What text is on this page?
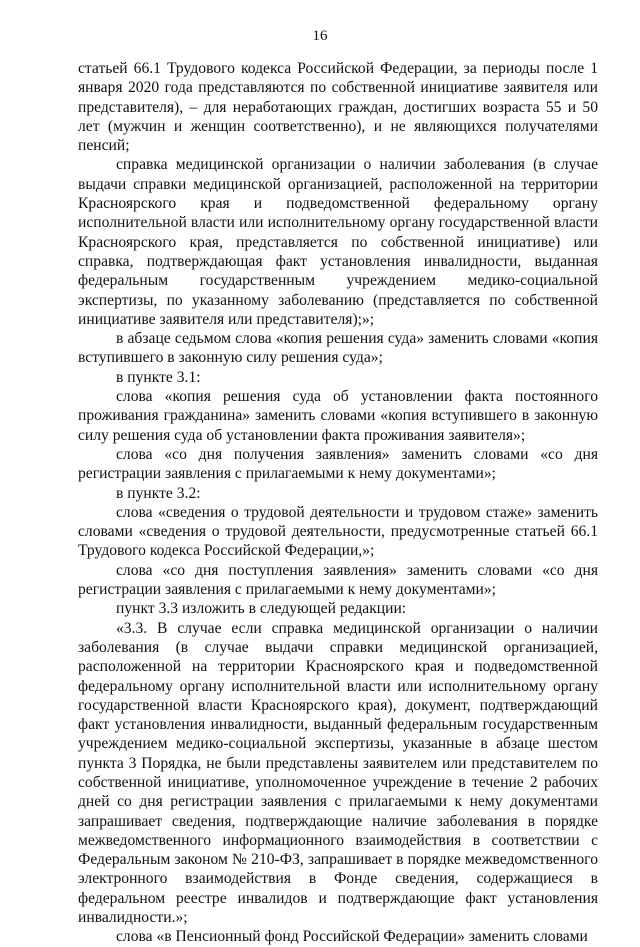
16

статьей 66.1 Трудового кодекса Российской Федерации, за периоды после 1 января 2020 года представляются по собственной инициативе заявителя или представителя), – для неработающих граждан, достигших возраста 55 и 50 лет (мужчин и женщин соответственно), и не являющихся получателями пенсий;

справка медицинской организации о наличии заболевания (в случае выдачи справки медицинской организацией, расположенной на территории Красноярского края и подведомственной федеральному органу исполнительной власти или исполнительному органу государственной власти Красноярского края, представляется по собственной инициативе) или справка, подтверждающая факт установления инвалидности, выданная федеральным государственным учреждением медико-социальной экспертизы, по указанному заболеванию (представляется по собственной инициативе заявителя или представителя);»;

в абзаце седьмом слова «копия решения суда» заменить словами «копия вступившего в законную силу решения суда»;

в пункте 3.1:

слова «копия решения суда об установлении факта постоянного проживания гражданина» заменить словами «копия вступившего в законную силу решения суда об установлении факта проживания заявителя»;

слова «со дня получения заявления» заменить словами «со дня регистрации заявления с прилагаемыми к нему документами»;

в пункте 3.2:

слова «сведения о трудовой деятельности и трудовом стаже» заменить словами «сведения о трудовой деятельности, предусмотренные статьей 66.1 Трудового кодекса Российской Федерации,»;

слова «со дня поступления заявления» заменить словами «со дня регистрации заявления с прилагаемыми к нему документами»;

пункт 3.3 изложить в следующей редакции:

«3.3. В случае если справка медицинской организации о наличии заболевания (в случае выдачи справки медицинской организацией, расположенной на территории Красноярского края и подведомственной федеральному органу исполнительной власти или исполнительному органу государственной власти Красноярского края), документ, подтверждающий факт установления инвалидности, выданный федеральным государственным учреждением медико-социальной экспертизы, указанные в абзаце шестом пункта 3 Порядка, не были представлены заявителем или представителем по собственной инициативе, уполномоченное учреждение в течение 2 рабочих дней со дня регистрации заявления с прилагаемыми к нему документами запрашивает сведения, подтверждающие наличие заболевания в порядке межведомственного информационного взаимодействия в соответствии с Федеральным законом № 210-ФЗ, запрашивает в порядке межведомственного электронного взаимодействия в Фонде сведения, содержащиеся в федеральном реестре инвалидов и подтверждающие факт установления инвалидности.»;

слова «в Пенсионный фонд Российской Федерации» заменить словами
